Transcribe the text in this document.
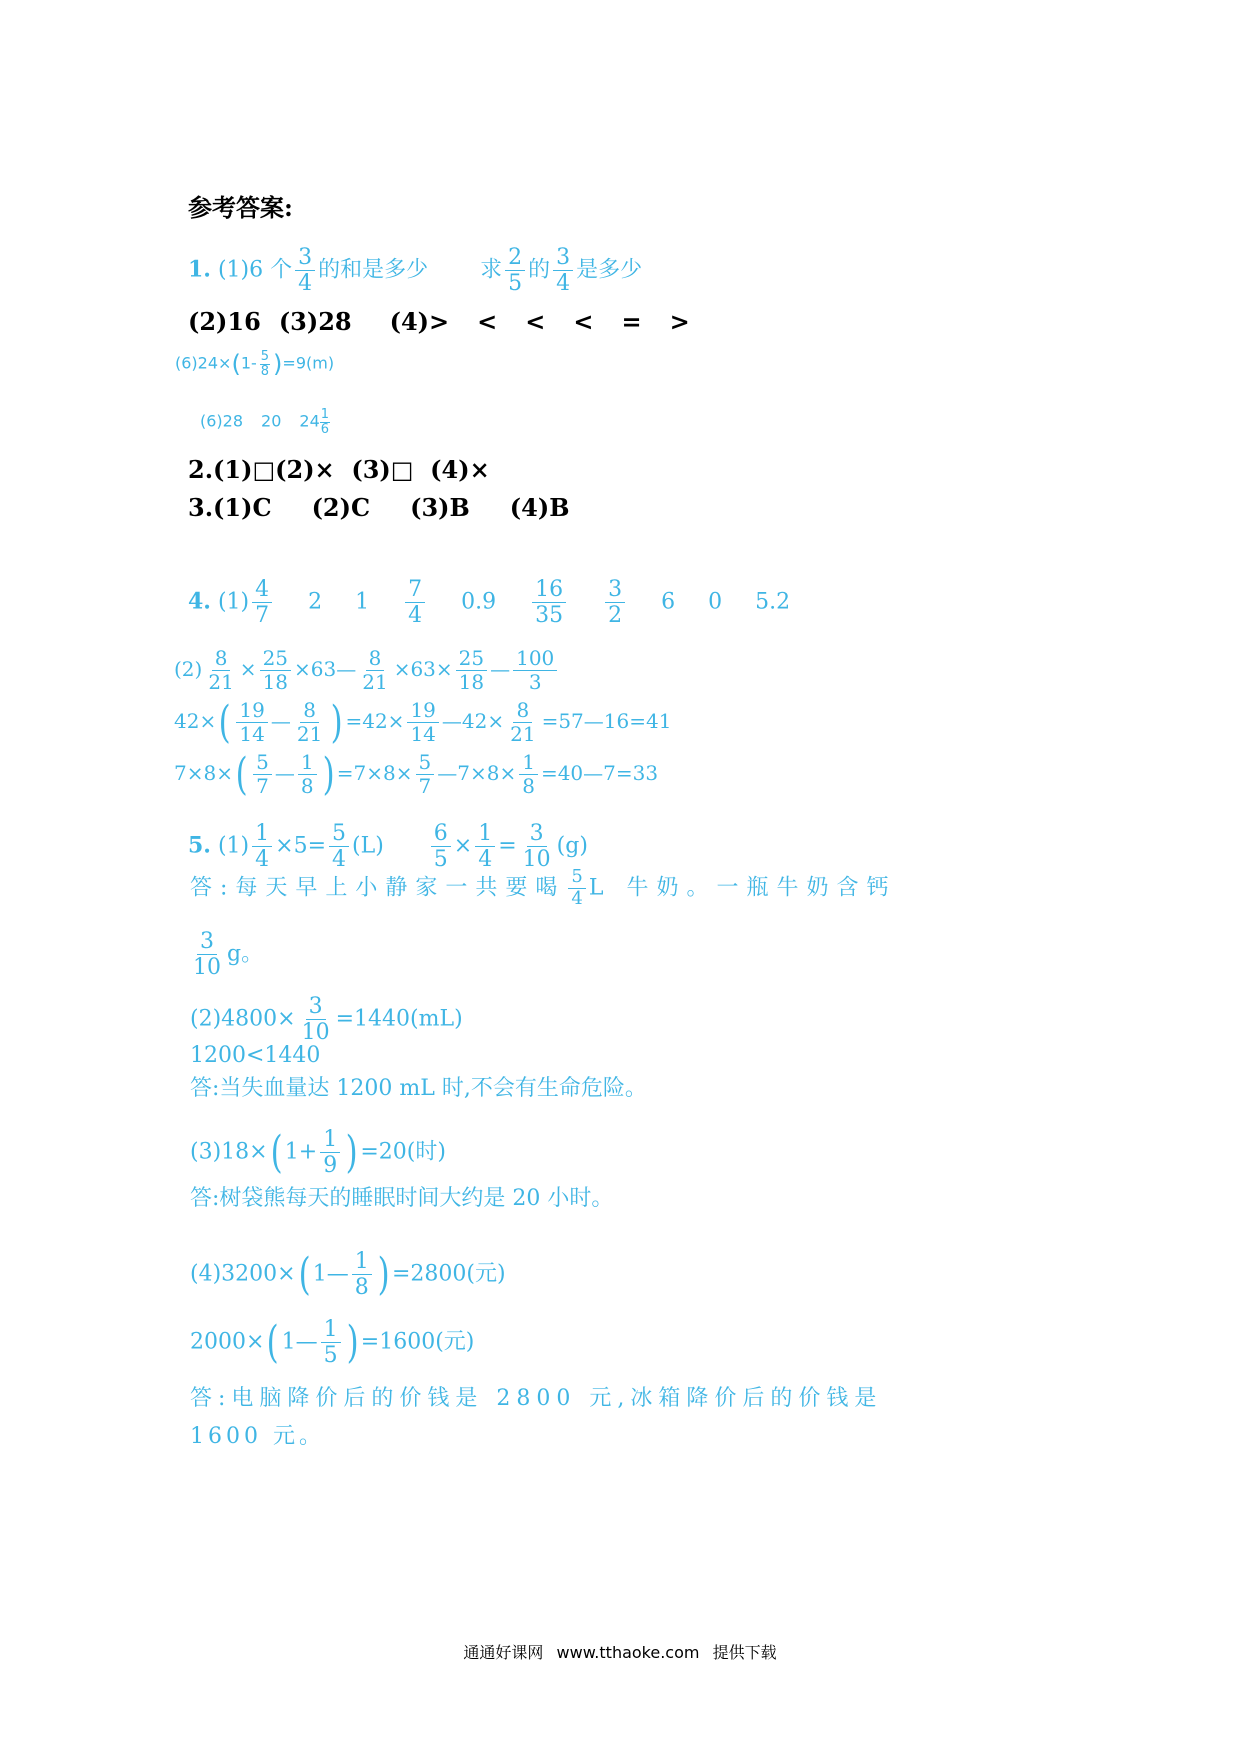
参考答案:
1. (1)6 个 $\frac{3}{4}$ 的和是多少 求 $\frac{2}{5}$ 的 $\frac{3}{4}$ 是多少
(2)16 (3)28 (4)> < < < = >
$(6)24\times(1- \frac{5}{8} )=9(m)$
(6)28 20 $24 \frac{1}{6}$
2.(1)□(2)×  (3)□  (4)×
3.(1)C (2)C (3)B (4)B
4. $(1) \frac{4}{7} 2$ $1 \frac{7}{4} 0.9 \frac{16}{35}$
$\frac{3}{2} 6$ 0 5.2
$(2) \frac{8}{21} \times \frac{25}{18}$ ×63— $\frac{8}{21} \times 63\times \frac{25}{18}$ — $\frac{100}{3}$
$42\times( \frac{19}{14}$ — $\frac{8}{21}$ ) $=42\times \frac{19}{14}$ —42× $\frac{8}{21}$ =57—16=41
$7\times 8\times( \frac{5}{7}$ — $\frac{1}{8}$ ) $=7\times 8\times \frac{5}{7}$ —7×8× $\frac{1}{8}$ =40—7=33
5. $(1) \frac{1}{4} \times 5= \frac{5}{4} (L) \frac{6}{5} \times \frac{1}{4} = \frac{3}{10} (g)$
答:每天早上小静家一共要喝 $\frac{5}{4}$ L 牛奶。一瓶牛奶含钙
$\frac{3}{10}$ g。
$(2)4800\times \frac{3}{10} =1440(mL)$
1200<1440
答:当失血量达 1200 mL 时,不会有生命危险。
(3)18×( $1+ \frac{1}{9}$ ) =20(时)
答:树袋熊每天的睡眠时间大约是 20 小时。
(4)3200×( 1— $\frac{1}{8}$ ) =2800(元)
2000×( 1— $\frac{1}{5}$ ) =1600(元)
答:电脑降价后的价钱是 2800 元,冰箱降价后的价钱是
1600 元。
通通好课网 www.tthaoke.com 提供下载
